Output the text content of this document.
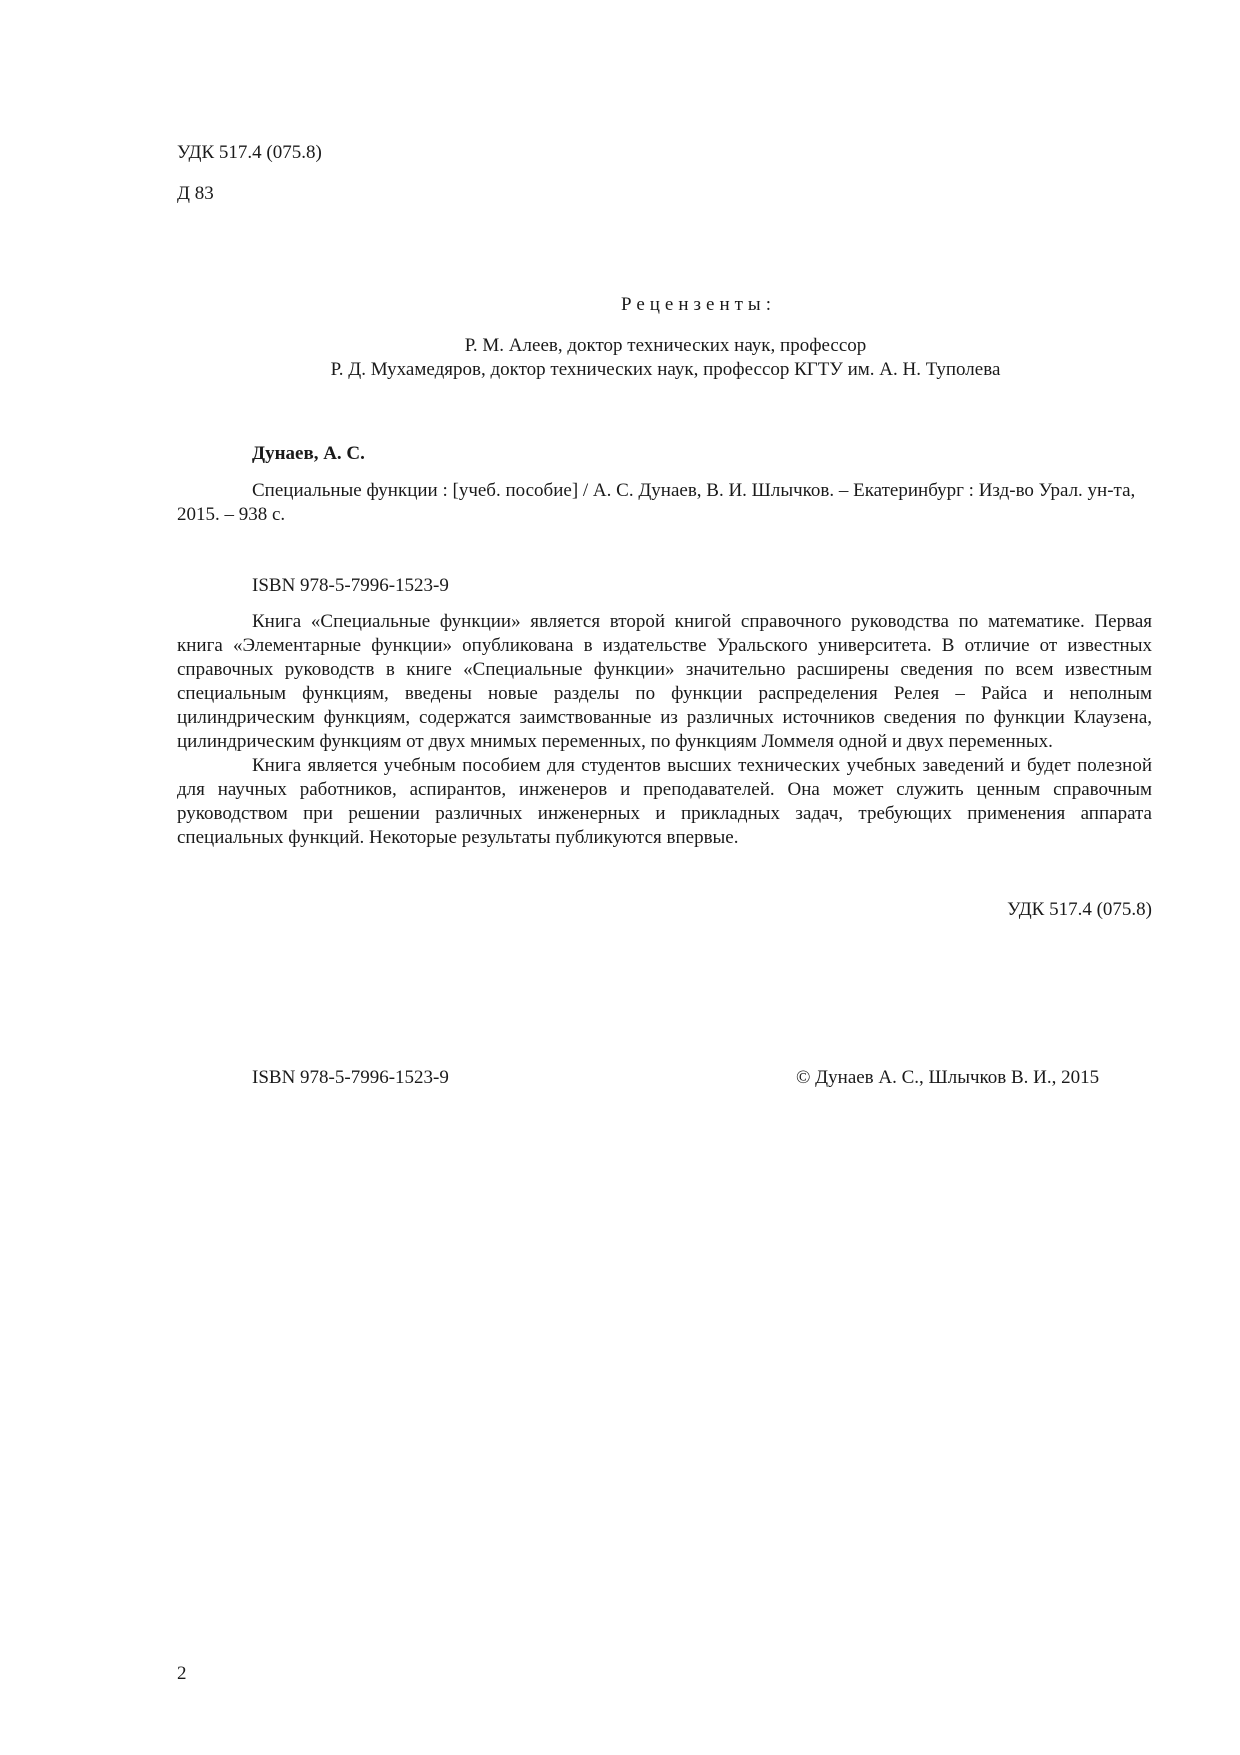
УДК 517.4 (075.8)
Д 83
Рецензенты:
Р. М. Алеев, доктор технических наук, профессор
Р. Д. Мухамедяров, доктор технических наук, профессор КГТУ им. А. Н. Туполева
Дунаев, А. С.
Специальные функции : [учеб. пособие] / А. С. Дунаев, В. И. Шлычков. – Екатеринбург : Изд-во Урал. ун-та, 2015. – 938 с.
ISBN 978-5-7996-1523-9

Книга «Специальные функции» является второй книгой справочного руководства по математике. Первая книга «Элементарные функции» опубликована в издательстве Уральского университета. В отличие от известных справочных руководств в книге «Специальные функции» значительно расширены сведения по всем известным специальным функциям, введены новые разделы по функции распределения Релея – Райса и неполным цилиндрическим функциям, содержатся заимствованные из различных источников сведения по функции Клаузена, цилиндрическим функциям от двух мнимых переменных, по функциям Ломмеля одной и двух переменных.

Книга является учебным пособием для студентов высших технических учебных заведений и будет полезной для научных работников, аспирантов, инженеров и преподавателей. Она может служить ценным справочным руководством при решении различных инженерных и прикладных задач, требующих применения аппарата специальных функций. Некоторые результаты публикуются впервые.

УДК 517.4 (075.8)
ISBN 978-5-7996-1523-9	© Дунаев А. С., Шлычков В. И., 2015
2
